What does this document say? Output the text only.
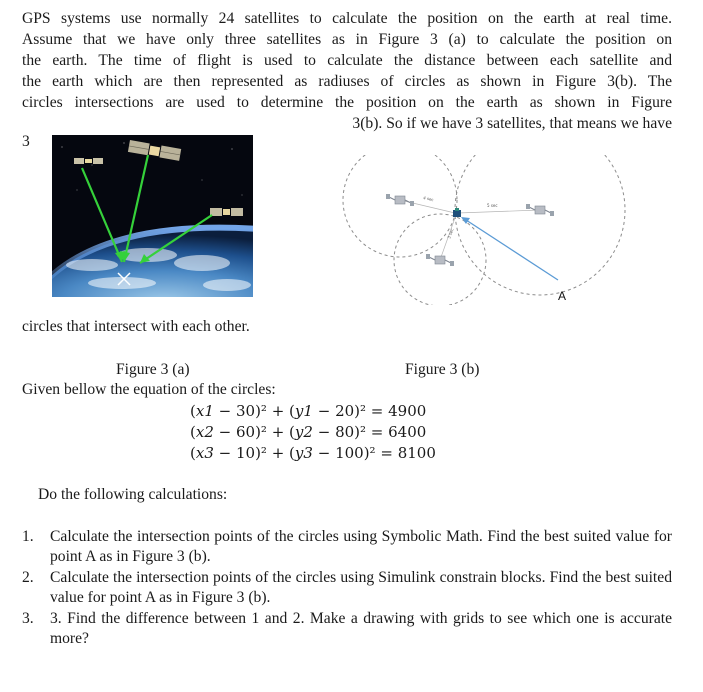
GPS systems use normally 24 satellites to calculate the position on the earth at real time.
Assume that we have only three satellites as in Figure 3 (a) to calculate the position on
the earth. The time of flight is used to calculate the distance between each satellite and
the earth which are then represented as radiuses of circles as shown in Figure 3(b). The
circles intersections are used to determine the position on the earth as shown in Figure
3(b). So if we have 3 satellites, that means we have
3
4 sec
5 sec
3 sec
A
circles that intersect with each other.
Figure 3 (a)	Figure 3 (b)
Given bellow the equation of the circles:
(x1 − 30)² + (y1 − 20)² = 4900
(x2 − 60)² + (y2 − 80)² = 6400
(x3 − 10)² + (y3 − 100)² = 8100
Do the following calculations:
1. Calculate the intersection points of the circles using Symbolic Math. Find the best suited value for point A as in Figure 3 (b).
2. Calculate the intersection points of the circles using Simulink constrain blocks. Find the best suited value for point A as in Figure 3 (b).
3. 3. Find the difference between 1 and 2. Make a drawing with grids to see which one is accurate more?
